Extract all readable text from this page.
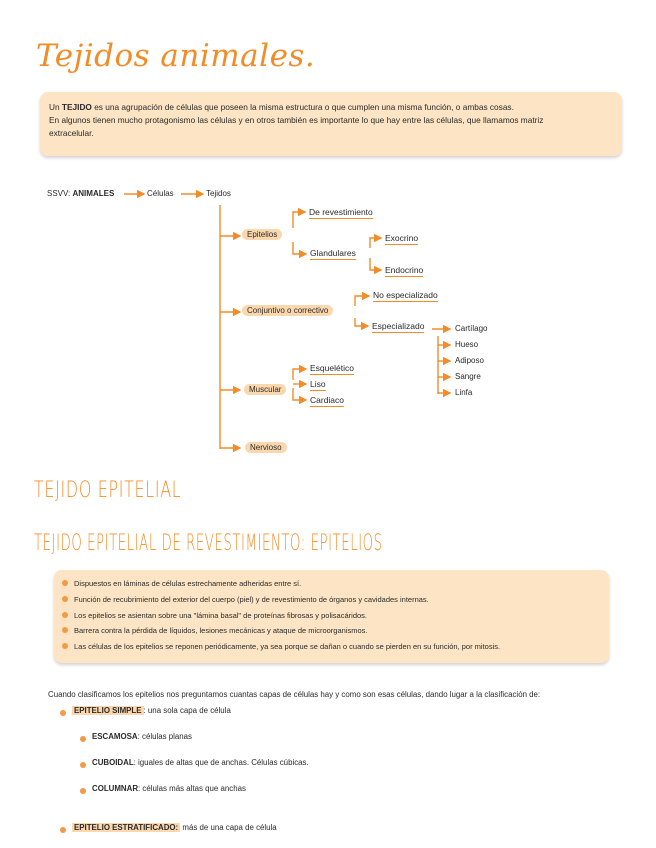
Tejidos animales.
Un TEJIDO es una agrupación de células que poseen la misma estructura o que cumplen una misma función, o ambas cosas.
En algunos tienen mucho protagonismo las células y en otros también es importante lo que hay entre las células, que llamamos matriz
extracelular.
SSVV: ANIMALES	Células	Tejidos
Epitelios
De revestimiento
Glandulares
Exocrino
Endocrino
Conjuntivo o correctivo
No especializado
Especializado	Cartílago
Hueso
Adiposo
Sangre
Linfa
Muscular
Esquelético
Liso
Cardiaco
Nervioso
TEJIDO EPITELIAL
TEJIDO EPITELIAL DE REVESTIMIENTO: EPITELIOS
Dispuestos en láminas de células estrechamente adheridas entre sí.
Función de recubrimiento del exterior del cuerpo (piel) y de revestimiento de órganos y cavidades internas.
Los epitelios se asientan sobre una "lámina basal" de proteínas fibrosas y polisacáridos.
Barrera contra la pérdida de líquidos, lesiones mecánicas y ataque de microorganismos.
Las células de los epitelios se reponen periódicamente, ya sea porque se dañan o cuando se pierden en su función, por mitosis.
Cuando clasificamos los epitelios nos preguntamos cuantas capas de células hay y como son esas células, dando lugar a la clasificación de:
EPITELIO SIMPLE : una sola capa de célula
ESCAMOSA: células planas
CUBOIDAL: iguales de altas que de anchas. Células cúbicas.
COLUMNAR: células más altas que anchas
EPITELIO ESTRATIFICADO: más de una capa de célula
